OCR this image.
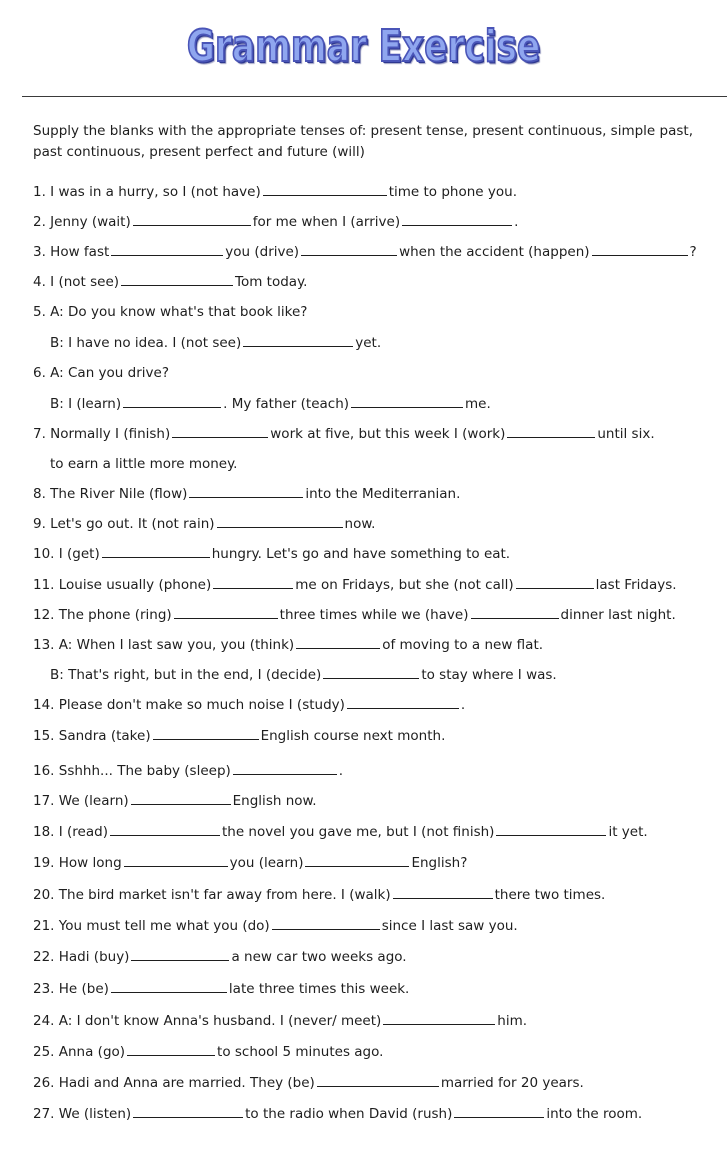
Grammar Exercise

Supply the blanks with the appropriate tenses of: present tense, present continuous, simple past, past continuous, present perfect and future (will)

1. I was in a hurry, so I (not have)	time to phone you.
2. Jenny (wait)	for me when I (arrive)	.
3. How fast	you (drive)	when the accident (happen)	?
4. I (not see)	Tom today.
5. A: Do you know what's that book like?
B: I have no idea. I (not see)	yet.
6. A: Can you drive?
B: I (learn)	. My father (teach)	me.
7. Normally I (finish)	work at five, but this week I (work)	until six.
to earn a little more money.
8. The River Nile (flow)	into the Mediterranian.
9. Let's go out. It (not rain)	now.
10. I (get)	hungry. Let's go and have something to eat.
11. Louise usually (phone)	me on Fridays, but she (not call)	last Fridays.
12. The phone (ring)	three times while we (have)	dinner last night.
13. A: When I last saw you, you (think)	of moving to a new flat.
B: That's right, but in the end, I (decide)	to stay where I was.
14. Please don't make so much noise I (study)	.
15. Sandra (take)	English course next month.
16. Sshhh... The baby (sleep)	.
17. We (learn)	English now.
18. I (read)	the novel you gave me, but I (not finish)	it yet.
19. How long	you (learn)	English?
20. The bird market isn't far away from here. I (walk)	there two times.
21. You must tell me what you (do)	since I last saw you.
22. Hadi (buy)	a new car two weeks ago.
23. He (be)	late three times this week.
24. A: I don't know Anna's husband. I (never/ meet)	him.
25. Anna (go)	to school 5 minutes ago.
26. Hadi and Anna are married. They (be)	married for 20 years.
27. We (listen)	to the radio when David (rush)	into the room.
